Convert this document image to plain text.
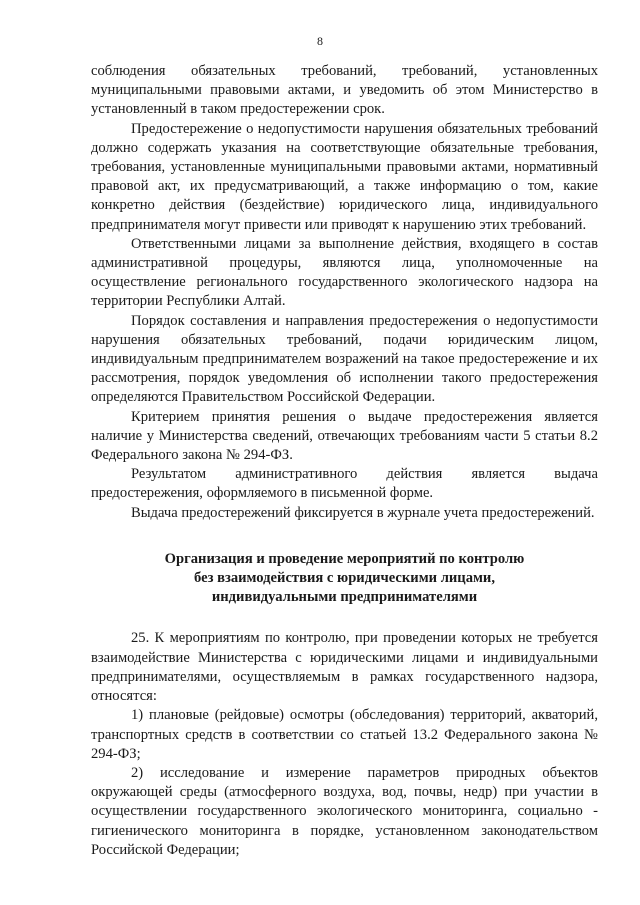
8

соблюдения обязательных требований, требований, установленных муниципальными правовыми актами, и уведомить об этом Министерство в установленный в таком предостережении срок.

Предостережение о недопустимости нарушения обязательных требований должно содержать указания на соответствующие обязательные требования, требования, установленные муниципальными правовыми актами, нормативный правовой акт, их предусматривающий, а также информацию о том, какие конкретно действия (бездействие) юридического лица, индивидуального предпринимателя могут привести или приводят к нарушению этих требований.

Ответственными лицами за выполнение действия, входящего в состав административной процедуры, являются лица, уполномоченные на осуществление регионального государственного экологического надзора на территории Республики Алтай.

Порядок составления и направления предостережения о недопустимости нарушения обязательных требований, подачи юридическим лицом, индивидуальным предпринимателем возражений на такое предостережение и их рассмотрения, порядок уведомления об исполнении такого предостережения определяются Правительством Российской Федерации.

Критерием принятия решения о выдаче предостережения является наличие у Министерства сведений, отвечающих требованиям части 5 статьи 8.2 Федерального закона № 294-ФЗ.

Результатом административного действия является выдача предостережения, оформляемого в письменной форме.

Выдача предостережений фиксируется в журнале учета предостережений.

Организация и проведение мероприятий по контролю
без взаимодействия с юридическими лицами,
индивидуальными предпринимателями

25. К мероприятиям по контролю, при проведении которых не требуется взаимодействие Министерства с юридическими лицами и индивидуальными предпринимателями, осуществляемым в рамках государственного надзора, относятся:

1) плановые (рейдовые) осмотры (обследования) территорий, акваторий, транспортных средств в соответствии со статьей 13.2 Федерального закона № 294-ФЗ;

2) исследование и измерение параметров природных объектов окружающей среды (атмосферного воздуха, вод, почвы, недр) при участии в осуществлении государственного экологического мониторинга, социально - гигиенического мониторинга в порядке, установленном законодательством Российской Федерации;
